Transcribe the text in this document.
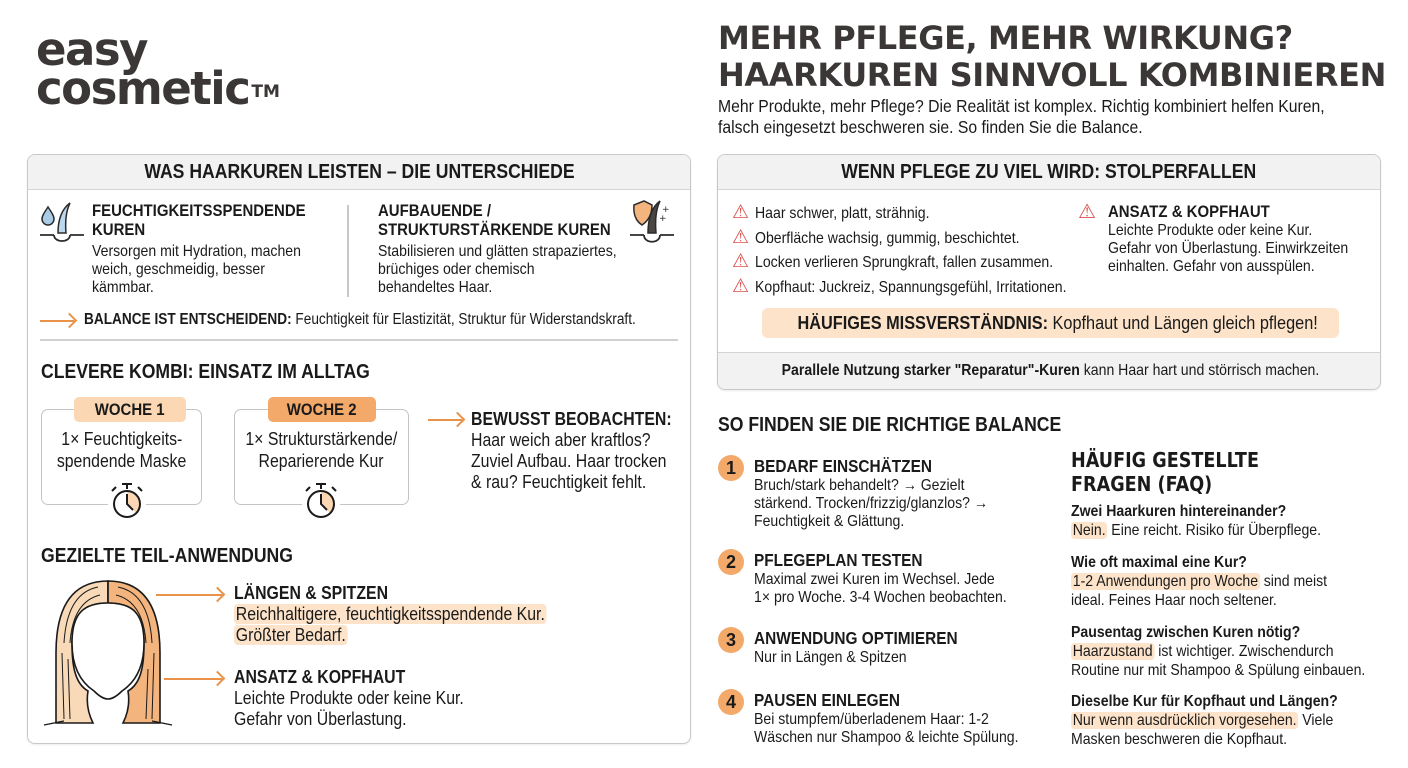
easy
cosmetic ™
MEHR PFLEGE, MEHR WIRKUNG?
HAARKUREN SINNVOLL KOMBINIEREN
Mehr Produkte, mehr Pflege? Die Realität ist komplex. Richtig kombiniert helfen Kuren,
falsch eingesetzt beschweren sie. So finden Sie die Balance.
WAS HAARKUREN LEISTEN – DIE UNTERSCHIEDE
FEUCHTIGKEITSSPENDENDE
KUREN
Versorgen mit Hydration, machen
weich, geschmeidig, besser
kämmbar.
AUFBAUENDE /
STRUKTURSTÄRKENDE KUREN
Stabilisieren und glätten strapaziertes,
brüchiges oder chemisch
behandeltes Haar.
+
+
BALANCE IST ENTSCHEIDEND: Feuchtigkeit für Elastizität, Struktur für Widerstandskraft.
CLEVERE KOMBI: EINSATZ IM ALLTAG
WOCHE 1
1× Feuchtigkeits-
spendende Maske
WOCHE 2
1× Strukturstärkende/
Reparierende Kur
BEWUSST BEOBACHTEN:
Haar weich aber kraftlos?
Zuviel Aufbau. Haar trocken
& rau? Feuchtigkeit fehlt.
GEZIELTE TEIL-ANWENDUNG
LÄNGEN & SPITZEN
Reichhaltigere, feuchtigkeitsspendende Kur.
Größter Bedarf.
ANSATZ & KOPFHAUT
Leichte Produkte oder keine Kur.
Gefahr von Überlastung.
WENN PFLEGE ZU VIEL WIRD: STOLPERFALLEN
⚠ Haar schwer, platt, strähnig.
⚠ Oberfläche wachsig, gummig, beschichtet.
⚠ Locken verlieren Sprungkraft, fallen zusammen.
⚠ Kopfhaut: Juckreiz, Spannungsgefühl, Irritationen.
⚠ ANSATZ & KOPFHAUT
Leichte Produkte oder keine Kur.
Gefahr von Überlastung. Einwirkzeiten
einhalten. Gefahr von ausspülen.
HÄUFIGES MISSVERSTÄNDNIS: Kopfhaut und Längen gleich pflegen!
Parallele Nutzung starker "Reparatur"-Kuren kann Haar hart und störrisch machen.
SO FINDEN SIE DIE RICHTIGE BALANCE
1	BEDARF EINSCHÄTZEN
Bruch/stark behandelt? → Gezielt
stärkend. Trocken/frizzig/glanzlos? →
Feuchtigkeit & Glättung.
2	PFLEGEPLAN TESTEN
Maximal zwei Kuren im Wechsel. Jede
1× pro Woche. 3-4 Wochen beobachten.
3	ANWENDUNG OPTIMIEREN
Nur in Längen & Spitzen
4	PAUSEN EINLEGEN
Bei stumpfem/überladenem Haar: 1-2
Wäschen nur Shampoo & leichte Spülung.
HÄUFIG GESTELLTE
FRAGEN (FAQ)
Zwei Haarkuren hintereinander?
Nein. Eine reicht. Risiko für Überpflege.
Wie oft maximal eine Kur?
1-2 Anwendungen pro Woche sind meist
ideal. Feines Haar noch seltener.
Pausentag zwischen Kuren nötig?
Haarzustand ist wichtiger. Zwischendurch
Routine nur mit Shampoo & Spülung einbauen.
Dieselbe Kur für Kopfhaut und Längen?
Nur wenn ausdrücklich vorgesehen. Viele
Masken beschweren die Kopfhaut.
